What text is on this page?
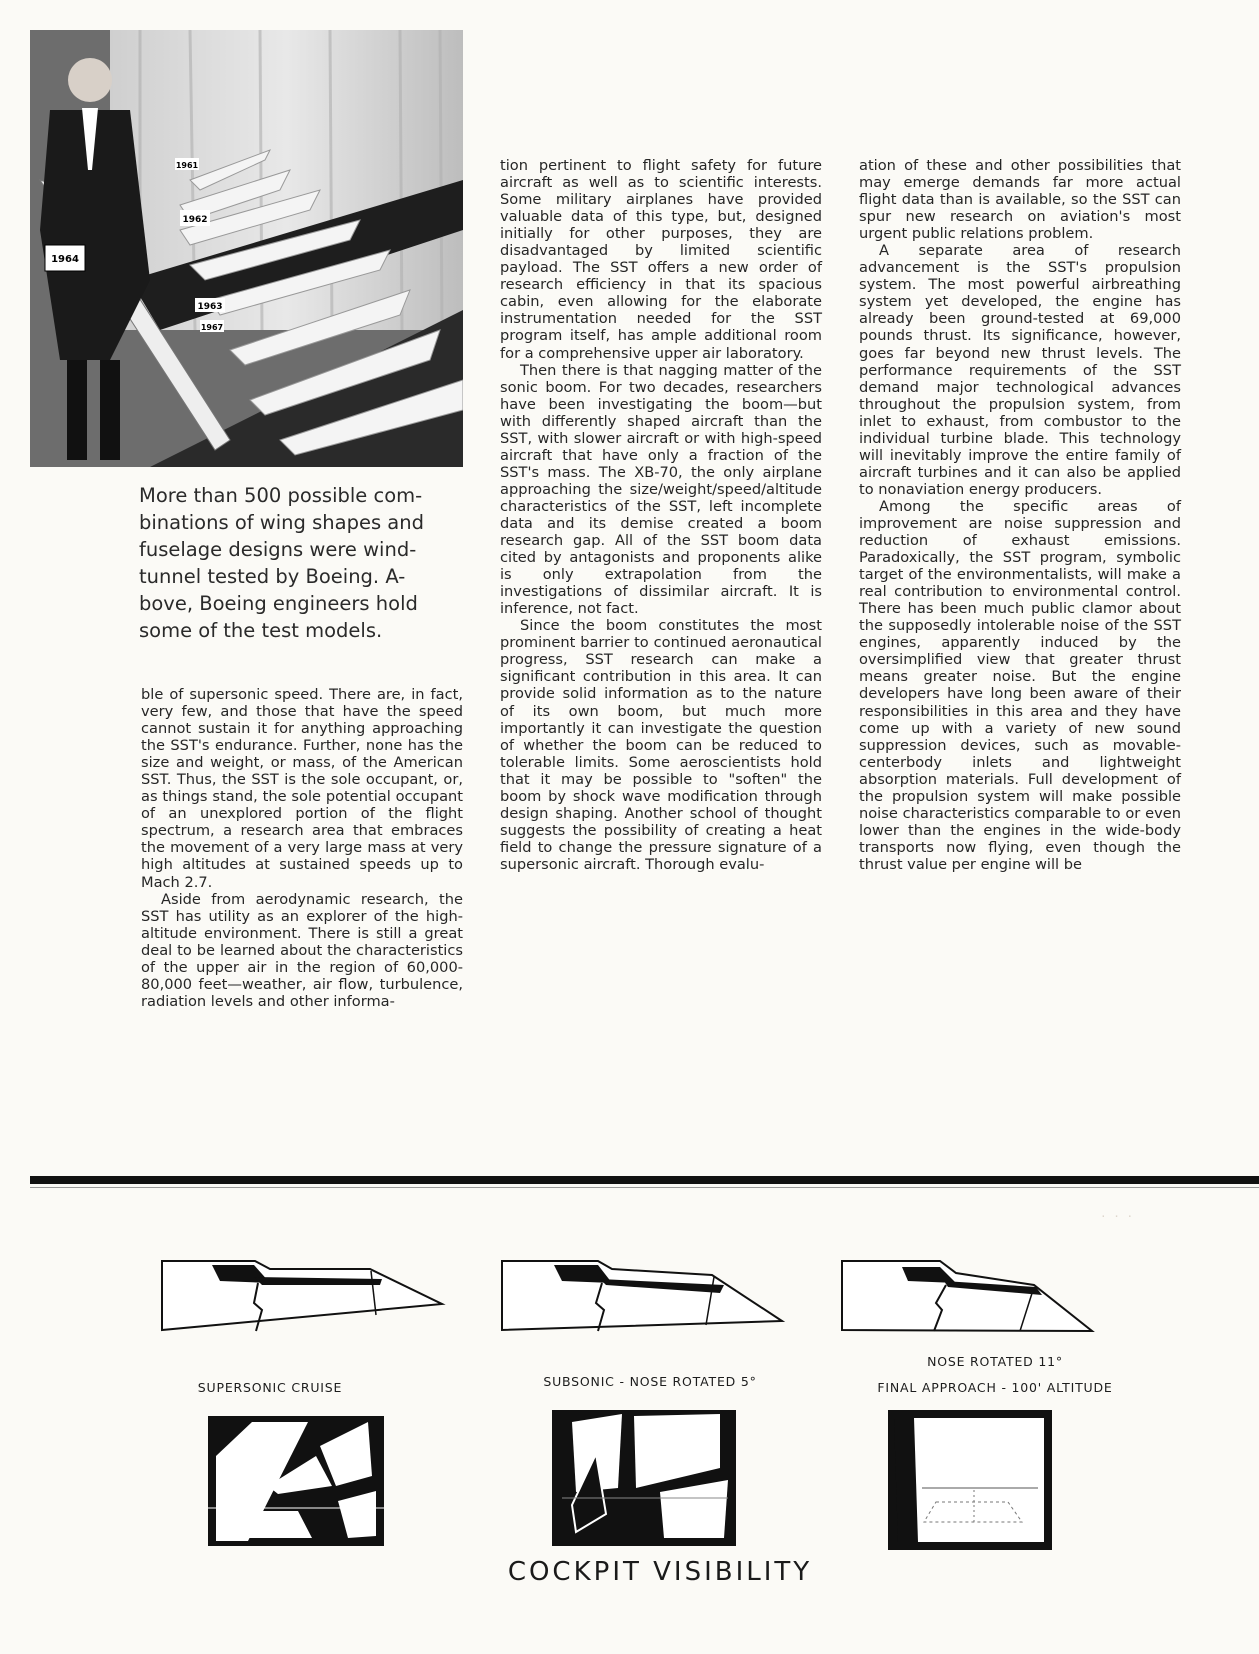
1964
1962
1963
1961
1967

More than 500 possible com-

binations of wing shapes and

fuselage designs were wind-

tunnel tested by Boeing. A-

bove, Boeing engineers hold

some of the test models.

ble of supersonic speed. There are, in fact, very few, and those that have the speed cannot sustain it for anything approaching the SST's endurance. Further, none has the size and weight, or mass, of the American SST. Thus, the SST is the sole occupant, or, as things stand, the sole potential occupant of an unexplored portion of the flight spectrum, a research area that embraces the movement of a very large mass at very high altitudes at sustained speeds up to Mach 2.7.

Aside from aerodynamic research, the SST has utility as an explorer of the high-altitude environment. There is still a great deal to be learned about the characteristics of the upper air in the region of 60,000-80,000 feet—weather, air flow, turbulence, radiation levels and other informa-

tion pertinent to flight safety for future aircraft as well as to scientific interests. Some military airplanes have provided valuable data of this type, but, designed initially for other purposes, they are disadvantaged by limited scientific payload. The SST offers a new order of research efficiency in that its spacious cabin, even allowing for the elaborate instrumentation needed for the SST program itself, has ample additional room for a comprehensive upper air laboratory.

Then there is that nagging matter of the sonic boom. For two decades, researchers have been investigating the boom—but with differently shaped aircraft than the SST, with slower aircraft or with high-speed aircraft that have only a fraction of the SST's mass. The XB-70, the only airplane approaching the size/weight/speed/altitude characteristics of the SST, left incomplete data and its demise created a boom research gap. All of the SST boom data cited by antagonists and proponents alike is only extrapolation from the investigations of dissimilar aircraft. It is inference, not fact.

Since the boom constitutes the most prominent barrier to continued aeronautical progress, SST research can make a significant contribution in this area. It can provide solid information as to the nature of its own boom, but much more importantly it can investigate the question of whether the boom can be reduced to tolerable limits. Some aeroscientists hold that it may be possible to "soften" the boom by shock wave modification through design shaping. Another school of thought suggests the possibility of creating a heat field to change the pressure signature of a supersonic aircraft. Thorough evalu-

ation of these and other possibilities that may emerge demands far more actual flight data than is available, so the SST can spur new research on aviation's most urgent public relations problem.

A separate area of research advancement is the SST's propulsion system. The most powerful airbreathing system yet developed, the engine has already been ground-tested at 69,000 pounds thrust. Its significance, however, goes far beyond new thrust levels. The performance requirements of the SST demand major technological advances throughout the propulsion system, from inlet to exhaust, from combustor to the individual turbine blade. This technology will inevitably improve the entire family of aircraft turbines and it can also be applied to nonaviation energy producers.

Among the specific areas of improvement are noise suppression and reduction of exhaust emissions. Paradoxically, the SST program, symbolic target of the environmentalists, will make a real contribution to environmental control. There has been much public clamor about the supposedly intolerable noise of the SST engines, apparently induced by the oversimplified view that greater thrust means greater noise. But the engine developers have long been aware of their responsibilities in this area and they have come up with a variety of new sound suppression devices, such as movable-centerbody inlets and lightweight absorption materials. Full development of the propulsion system will make possible noise characteristics comparable to or even lower than the engines in the wide-body transports now flying, even though the thrust value per engine will be

· · ·
SUPERSONIC CRUISE	SUBSONIC - NOSE ROTATED 5°
NOSE ROTATED 11°
FINAL APPROACH - 100' ALTITUDE
COCKPIT VISIBILITY
